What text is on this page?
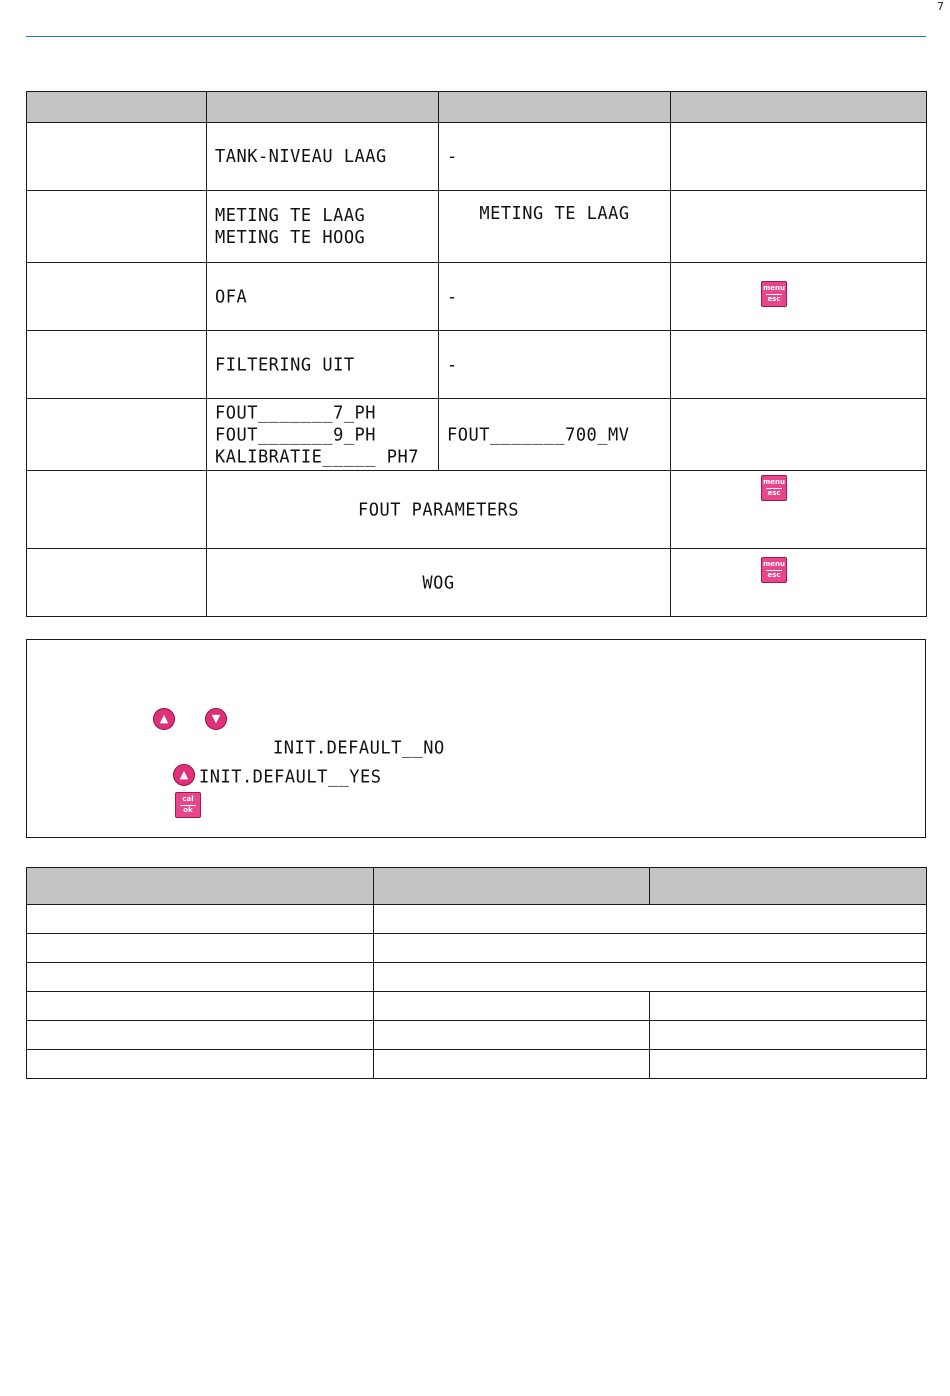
7

	TANK-NIVEAU LAAG	-	

	METING TE LAAG
METING TE HOOG	METING TE LAAG	

	OFA	-	menu
esc

	FILTERING UIT	-	

	FOUT_______7_PH
FOUT_______9_PH
KALIBRATIE_____ PH7	FOUT_______700_MV	

	FOUT PARAMETERS		menu
esc

	WOG		menu
esc
▲	▼
INIT.DEFAULT__NO
▲ INIT.DEFAULT__YES
cal
ok
